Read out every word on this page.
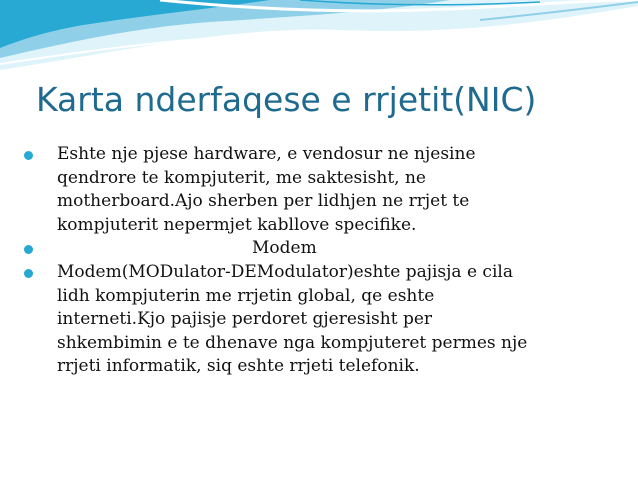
Karta nderfaqese e rrjetit(NIC)
Eshte nje pjese hardware, e vendosur ne njesine
qendrore te kompjuterit, me saktesisht, ne
motherboard.Ajo sherben per lidhjen ne rrjet te
kompjuterit nepermjet kabllove specifike.
Modem
Modem(MODulator-DEModulator)eshte pajisja e cila
lidh kompjuterin me rrjetin global, qe eshte
interneti.Kjo pajisje perdoret gjeresisht per
shkembimin e te dhenave nga kompjuteret permes nje
rrjeti informatik, siq eshte rrjeti telefonik.
